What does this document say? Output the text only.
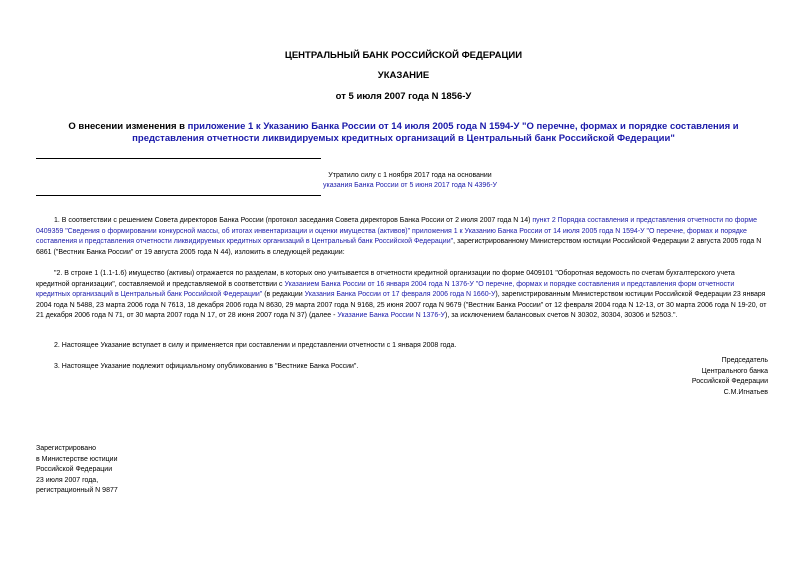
ЦЕНТРАЛЬНЫЙ БАНК РОССИЙСКОЙ ФЕДЕРАЦИИ
УКАЗАНИЕ
от 5 июля 2007 года N 1856-У
О внесении изменения в приложение 1 к Указанию Банка России от 14 июля 2005 года N 1594-У "О перечне, формах и порядке составления и представления отчетности ликвидируемых кредитных организаций в Центральный банк Российской Федерации"
Утратило силу с 1 ноября 2017 года на основании
указания Банка России от 5 июня 2017 года N 4396-У
1. В соответствии с решением Совета директоров Банка России (протокол заседания Совета директоров Банка России от 2 июля 2007 года N 14) пункт 2 Порядка составления и представления отчетности по форме 0409359 "Сведения о формировании конкурсной массы, об итогах инвентаризации и оценки имущества (активов)" приложения 1 к Указанию Банка России от 14 июля 2005 года N 1594-У "О перечне, формах и порядке составления и представления отчетности ликвидируемых кредитных организаций в Центральный банк Российской Федерации", зарегистрированному Министерством юстиции Российской Федерации 2 августа 2005 года N 6861 ("Вестник Банка России" от 19 августа 2005 года N 44), изложить в следующей редакции:
"2. В строке 1 (1.1-1.6) имущество (активы) отражается по разделам, в которых оно учитывается в отчетности кредитной организации по форме 0409101 "Оборотная ведомость по счетам бухгалтерского учета кредитной организации", составляемой и представляемой в соответствии с Указанием Банка России от 16 января 2004 года N 1376-У "О перечне, формах и порядке составления и представления форм отчетности кредитных организаций в Центральный банк Российской Федерации" (в редакции Указания Банка России от 17 февраля 2006 года N 1660-У), зарегистрированным Министерством юстиции Российской Федерации 23 января 2004 года N 5488, 23 марта 2006 года N 7613, 18 декабря 2006 года N 8630, 29 марта 2007 года N 9168, 25 июня 2007 года N 9679 ("Вестник Банка России" от 12 февраля 2004 года N 12-13, от 30 марта 2006 года N 19-20, от 21 декабря 2006 года N 71, от 30 марта 2007 года N 17, от 28 июня 2007 года N 37) (далее - Указание Банка России N 1376-У), за исключением балансовых счетов N 30302, 30304, 30306 и 52503.".
2. Настоящее Указание вступает в силу и применяется при составлении и представлении отчетности с 1 января 2008 года.
3. Настоящее Указание подлежит официальному опубликованию в "Вестнике Банка России".
Председатель
Центрального банка
Российской Федерации
С.М.Игнатьев
Зарегистрировано
в Министерстве юстиции
Российской Федерации
23 июля 2007 года,
регистрационный N 9877
